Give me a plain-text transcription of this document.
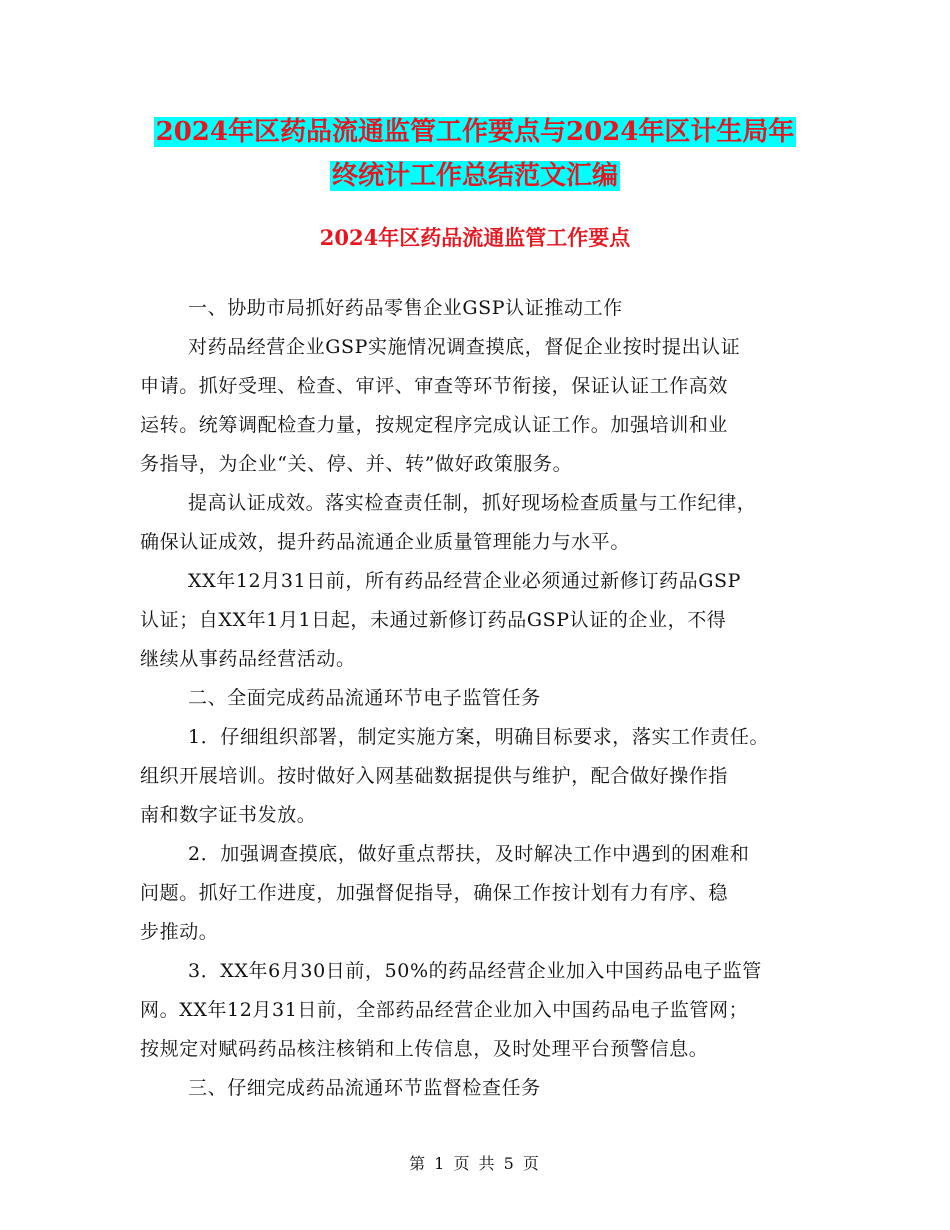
2024年区药品流通监管工作要点与2024年区计生局年
终统计工作总结范文汇编
2024年区药品流通监管工作要点
一、协助市局抓好药品零售企业GSP认证推动工作
对药品经营企业GSP实施情况调查摸底，督促企业按时提出认证
申请。抓好受理、检查、审评、审查等环节衔接，保证认证工作高效
运转。统筹调配检查力量，按规定程序完成认证工作。加强培训和业
务指导，为企业“关、停、并、转”做好政策服务。
提高认证成效。落实检查责任制，抓好现场检查质量与工作纪律，
确保认证成效，提升药品流通企业质量管理能力与水平。
XX年12月31日前，所有药品经营企业必须通过新修订药品GSP
认证；自XX年1月1日起，未通过新修订药品GSP认证的企业，不得
继续从事药品经营活动。
二、全面完成药品流通环节电子监管任务
1．仔细组织部署，制定实施方案，明确目标要求，落实工作责任。
组织开展培训。按时做好入网基础数据提供与维护，配合做好操作指
南和数字证书发放。
2．加强调查摸底，做好重点帮扶，及时解决工作中遇到的困难和
问题。抓好工作进度，加强督促指导，确保工作按计划有力有序、稳
步推动。
3．XX年6月30日前，50%的药品经营企业加入中国药品电子监管
网。XX年12月31日前，全部药品经营企业加入中国药品电子监管网；
按规定对赋码药品核注核销和上传信息，及时处理平台预警信息。
三、仔细完成药品流通环节监督检查任务
第 1 页 共 5 页
